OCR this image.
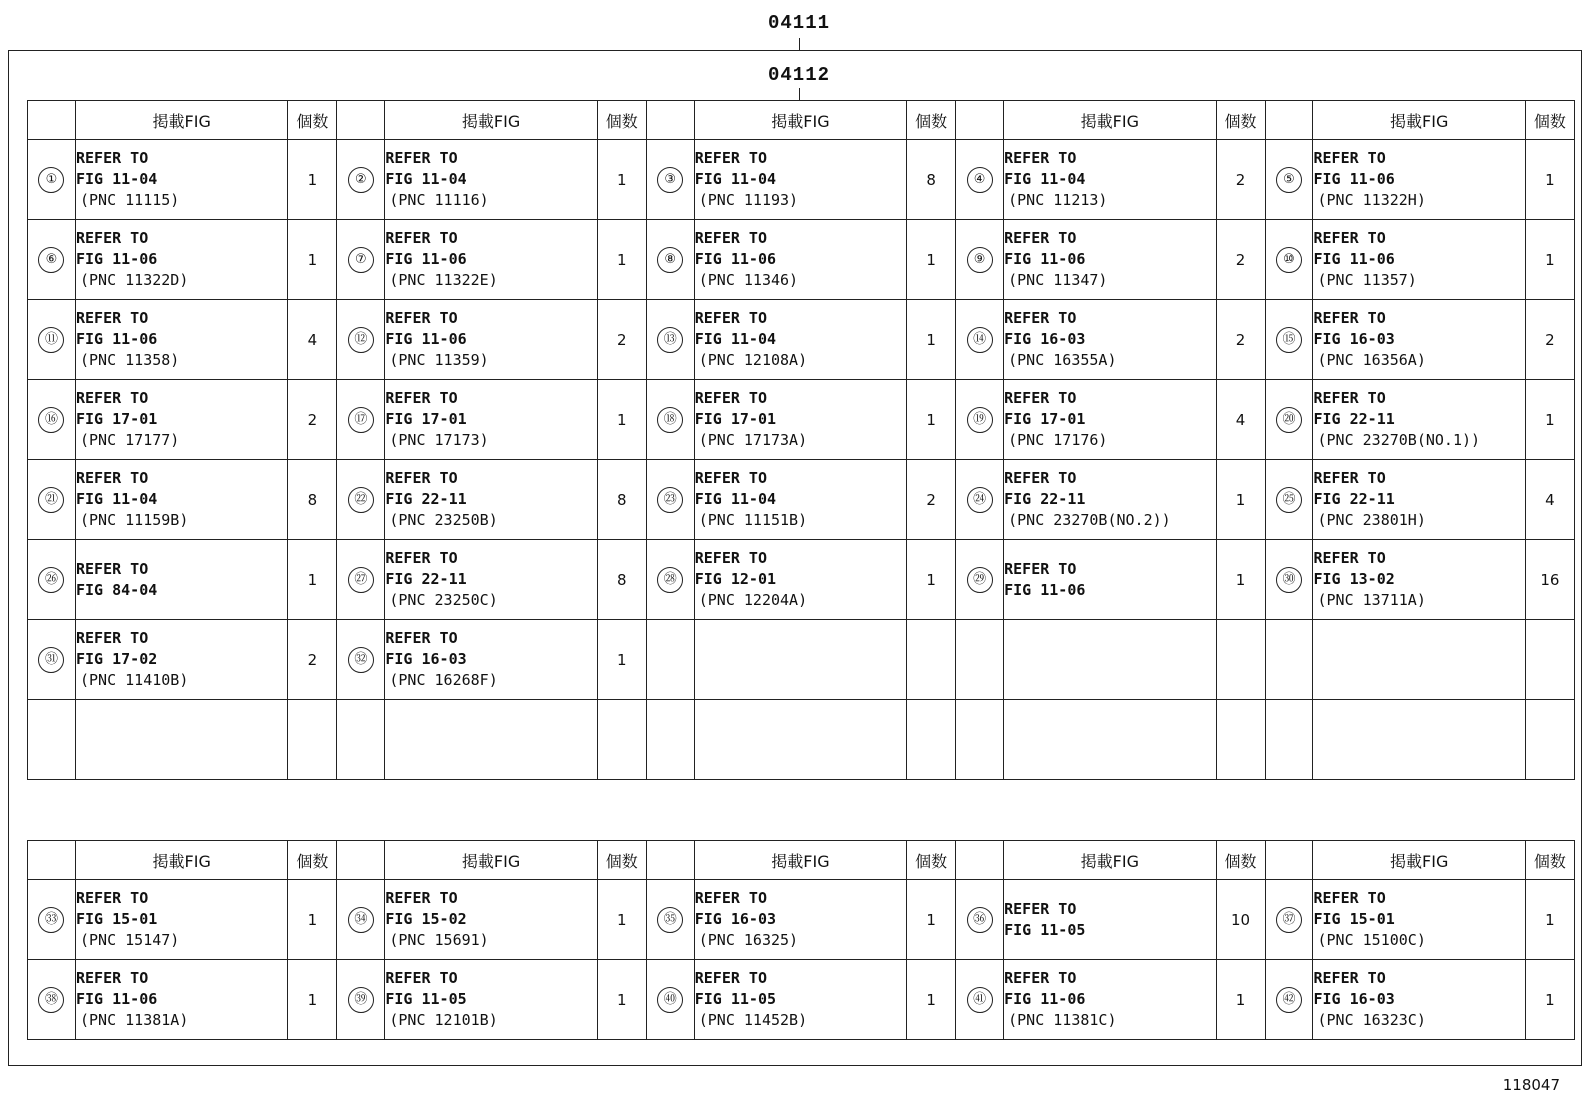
04111
04112
	掲載FIG	個数		掲載FIG	個数		掲載FIG	個数		掲載FIG	個数		掲載FIG	個数
①	REFER TO
FIG 11-04
(PNC 11115)	1	②	REFER TO
FIG 11-04
(PNC 11116)	1	③	REFER TO
FIG 11-04
(PNC 11193)	8	④	REFER TO
FIG 11-04
(PNC 11213)	2	⑤	REFER TO
FIG 11-06
(PNC 11322H)	1
⑥	REFER TO
FIG 11-06
(PNC 11322D)	1	⑦	REFER TO
FIG 11-06
(PNC 11322E)	1	⑧	REFER TO
FIG 11-06
(PNC 11346)	1	⑨	REFER TO
FIG 11-06
(PNC 11347)	2	⑩	REFER TO
FIG 11-06
(PNC 11357)	1
⑪	REFER TO
FIG 11-06
(PNC 11358)	4	⑫	REFER TO
FIG 11-06
(PNC 11359)	2	⑬	REFER TO
FIG 11-04
(PNC 12108A)	1	⑭	REFER TO
FIG 16-03
(PNC 16355A)	2	⑮	REFER TO
FIG 16-03
(PNC 16356A)	2
⑯	REFER TO
FIG 17-01
(PNC 17177)	2	⑰	REFER TO
FIG 17-01
(PNC 17173)	1	⑱	REFER TO
FIG 17-01
(PNC 17173A)	1	⑲	REFER TO
FIG 17-01
(PNC 17176)	4	⑳	REFER TO
FIG 22-11
(PNC 23270B(NO.1))	1
㉑	REFER TO
FIG 11-04
(PNC 11159B)	8	㉒	REFER TO
FIG 22-11
(PNC 23250B)	8	㉓	REFER TO
FIG 11-04
(PNC 11151B)	2	㉔	REFER TO
FIG 22-11
(PNC 23270B(NO.2))	1	㉕	REFER TO
FIG 22-11
(PNC 23801H)	4
㉖	REFER TO
FIG 84-04	1	㉗	REFER TO
FIG 22-11
(PNC 23250C)	8	㉘	REFER TO
FIG 12-01
(PNC 12204A)	1	㉙	REFER TO
FIG 11-06	1	㉚	REFER TO
FIG 13-02
(PNC 13711A)	16
㉛	REFER TO
FIG 17-02
(PNC 11410B)	2	㉜	REFER TO
FIG 16-03
(PNC 16268F)	1									

	掲載FIG	個数		掲載FIG	個数		掲載FIG	個数		掲載FIG	個数		掲載FIG	個数
㉝	REFER TO
FIG 15-01
(PNC 15147)	1	㉞	REFER TO
FIG 15-02
(PNC 15691)	1	㉟	REFER TO
FIG 16-03
(PNC 16325)	1	㊱	REFER TO
FIG 11-05	10	㊲	REFER TO
FIG 15-01
(PNC 15100C)	1
㊳	REFER TO
FIG 11-06
(PNC 11381A)	1	㊴	REFER TO
FIG 11-05
(PNC 12101B)	1	㊵	REFER TO
FIG 11-05
(PNC 11452B)	1	㊶	REFER TO
FIG 11-06
(PNC 11381C)	1	㊷	REFER TO
FIG 16-03
(PNC 16323C)	1
118047
